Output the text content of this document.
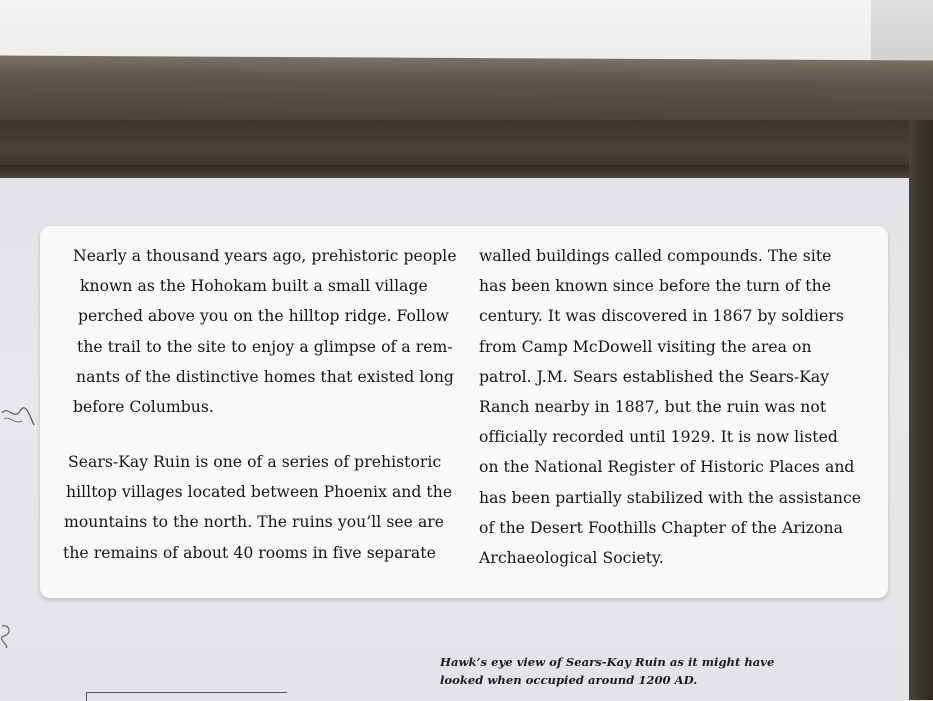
Nearly a thousand years ago, prehistoric people

known as the Hohokam built a small village

perched above you on the hilltop ridge. Follow

the trail to the site to enjoy a glimpse of a rem-

nants of the distinctive homes that existed long

before Columbus.

Sears-Kay Ruin is one of a series of prehistoric

hilltop villages located between Phoenix and the

mountains to the north. The ruins you’ll see are

the remains of about 40 rooms in five separate

walled buildings called compounds. The site

has been known since before the turn of the

century. It was discovered in 1867 by soldiers

from Camp McDowell visiting the area on

patrol. J.M. Sears established the Sears-Kay

Ranch nearby in 1887, but the ruin was not

officially recorded until 1929. It is now listed

on the National Register of Historic Places and

has been partially stabilized with the assistance

of the Desert Foothills Chapter of the Arizona

Archaeological Society.

Hawk’s eye view of Sears-Kay Ruin as it might have

looked when occupied around 1200 AD.
